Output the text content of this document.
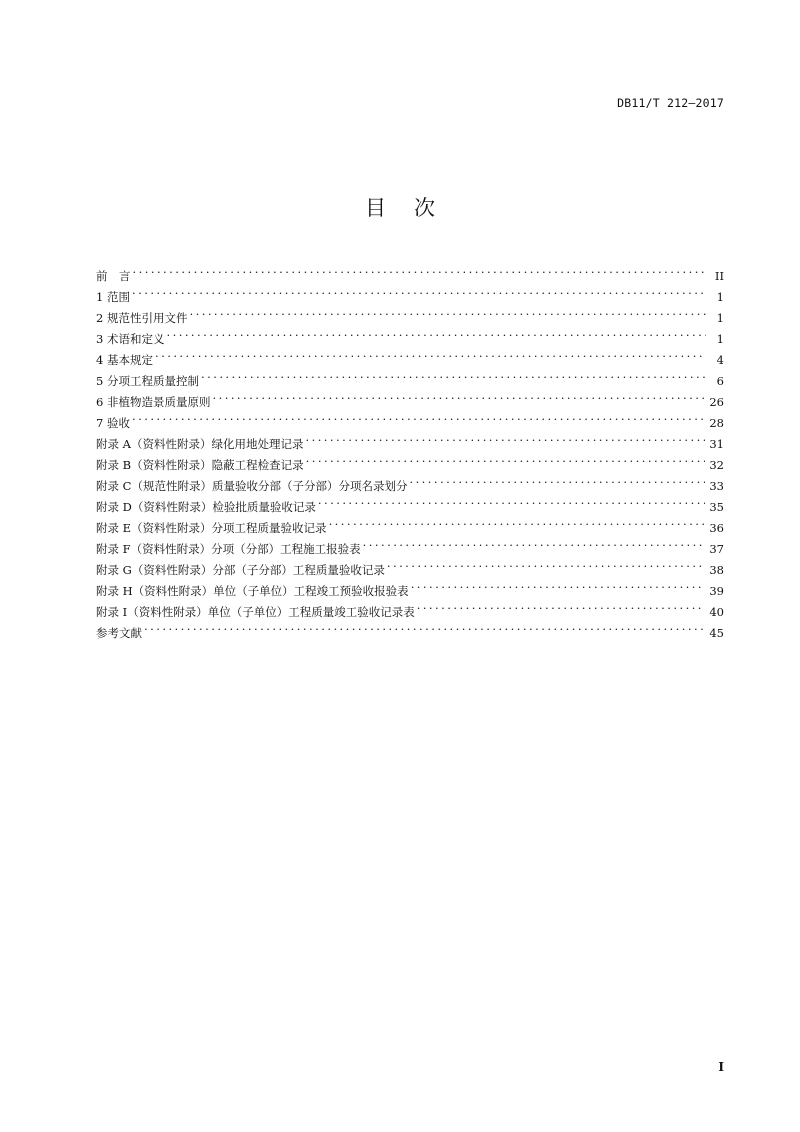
DB11/T 212—2017
目次
前　言 . . .	II
1 范围 . . .	1
2 规范性引用文件 . . .	1
3 术语和定义 . . .	1
4 基本规定 . . .	4
5 分项工程质量控制 . . .	6
6 非植物造景质量原则 . . .	26
7 验收 . . .	28
附录 A（资料性附录）绿化用地处理记录 . . .	31
附录 B（资料性附录）隐蔽工程检查记录 . . .	32
附录 C（规范性附录）质量验收分部（子分部）分项名录划分 . . .	33
附录 D（资料性附录）检验批质量验收记录 . . .	35
附录 E（资料性附录）分项工程质量验收记录 . . .	36
附录 F（资料性附录）分项（分部）工程施工报验表 . . .	37
附录 G（资料性附录）分部（子分部）工程质量验收记录 . . .	38
附录 H（资料性附录）单位（子单位）工程竣工预验收报验表 . . .	39
附录 I（资料性附录）单位（子单位）工程质量竣工验收记录表 . . .	40
参考文献 . . .	45
I
